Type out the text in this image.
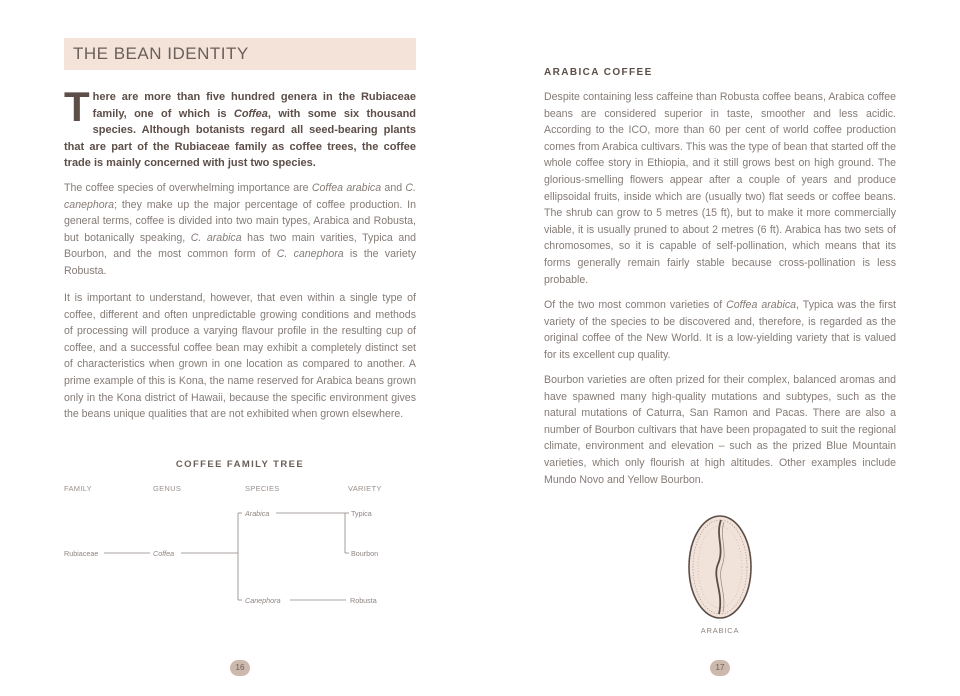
THE BEAN IDENTITY
There are more than five hundred genera in the Rubiaceae family, one of which is Coffea, with some six thousand species. Although botanists regard all seed-bearing plants that are part of the Rubiaceae family as coffee trees, the coffee trade is mainly concerned with just two species.
The coffee species of overwhelming importance are Coffea arabica and C. canephora; they make up the major percentage of coffee production. In general terms, coffee is divided into two main types, Arabica and Robusta, but botanically speaking, C. arabica has two main varities, Typica and Bourbon, and the most common form of C. canephora is the variety Robusta.
It is important to understand, however, that even within a single type of coffee, different and often unpredictable growing conditions and methods of processing will produce a varying flavour profile in the resulting cup of coffee, and a successful coffee bean may exhibit a completely distinct set of characteristics when grown in one location as compared to another. A prime example of this is Kona, the name reserved for Arabica beans grown only in the Kona district of Hawaii, because the specific environment gives the beans unique qualities that are not exhibited when grown elsewhere.
COFFEE FAMILY TREE
FAMILY	GENUS	SPECIES	VARIETY
Rubiaceae	Coffea
Arabica
Canephora
Typica
Bourbon
Robusta
16
ARABICA COFFEE
Despite containing less caffeine than Robusta coffee beans, Arabica coffee beans are considered superior in taste, smoother and less acidic. According to the ICO, more than 60 per cent of world coffee production comes from Arabica cultivars. This was the type of bean that started off the whole coffee story in Ethiopia, and it still grows best on high ground. The glorious-smelling flowers appear after a couple of years and produce ellipsoidal fruits, inside which are (usually two) flat seeds or coffee beans. The shrub can grow to 5 metres (15 ft), but to make it more commercially viable, it is usually pruned to about 2 metres (6 ft). Arabica has two sets of chromosomes, so it is capable of self-pollination, which means that its forms generally remain fairly stable because cross-pollination is less probable.
Of the two most common varieties of Coffea arabica, Typica was the first variety of the species to be discovered and, therefore, is regarded as the original coffee of the New World. It is a low-yielding variety that is valued for its excellent cup quality.
Bourbon varieties are often prized for their complex, balanced aromas and have spawned many high-quality mutations and subtypes, such as the natural mutations of Caturra, San Ramon and Pacas. There are also a number of Bourbon cultivars that have been propagated to suit the regional climate, environment and elevation – such as the prized Blue Mountain varieties, which only flourish at high altitudes. Other examples include Mundo Novo and Yellow Bourbon.
ARABICA
17
